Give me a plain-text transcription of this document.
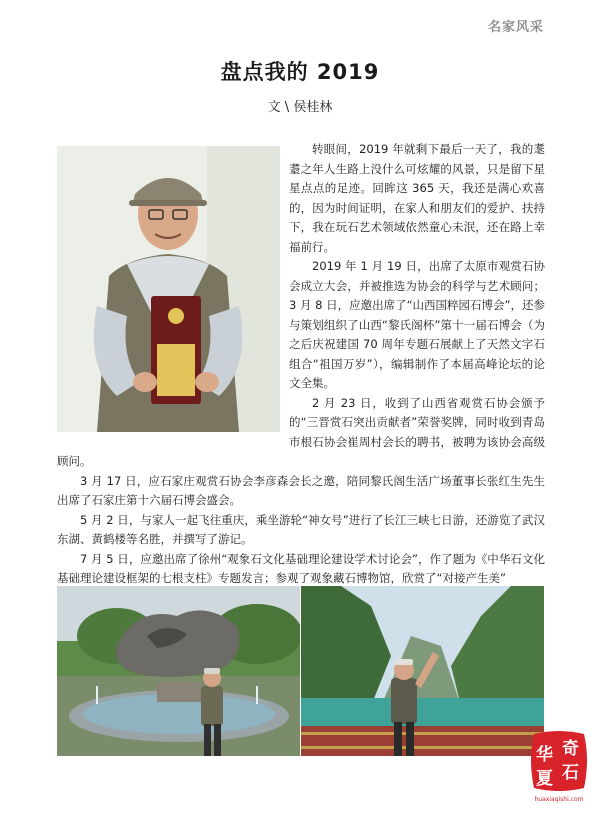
名家风采
盘点我的 2019
文 \ 侯桂林

转眼间，2019 年就剩下最后一天了，我的耄耋之年人生路上没什么可炫耀的风景，只是留下星星点点的足迹。回眸这 365 天，我还是满心欢喜的，因为时间证明，在家人和朋友们的爱护、扶持下，我在玩石艺术领域依然童心未泯，还在路上幸福前行。

2019 年 1 月 19 日，出席了太原市观赏石协会成立大会，并被推选为协会的科学与艺术顾问；3 月 8 日，应邀出席了“山西国粹园石博会”，还参与策划组织了山西“黎氏阁杯”第十一届石博会（为之后庆祝建国 70 周年专题石展献上了天然文字石组合“祖国万岁”），编辑制作了本届高峰论坛的论文全集。

2 月 23 日，收到了山西省观赏石协会颁予的“三晋赏石突出贡献者”荣誉奖牌，同时收到青岛市根石协会崔周村会长的聘书，被聘为该协会高级顾问。

3 月 17 日，应石家庄观赏石协会李彦森会长之邀，陪同黎氏阁生活广场董事长张红生先生出席了石家庄第十六届石博会盛会。

5 月 2 日，与家人一起飞往重庆，乘坐游轮“神女号”进行了长江三峡七日游，还游览了武汉东湖、黄鹤楼等名胜，并撰写了游记。

7 月 5 日，应邀出席了徐州“观象石文化基础理论建设学术讨论会”，作了题为《中华石文化基础理论建设框架的七根支柱》专题发言；参观了观象藏石博物馆，欣赏了“对接产生美”

奇
石
华
夏
huaxiaqishi.com
